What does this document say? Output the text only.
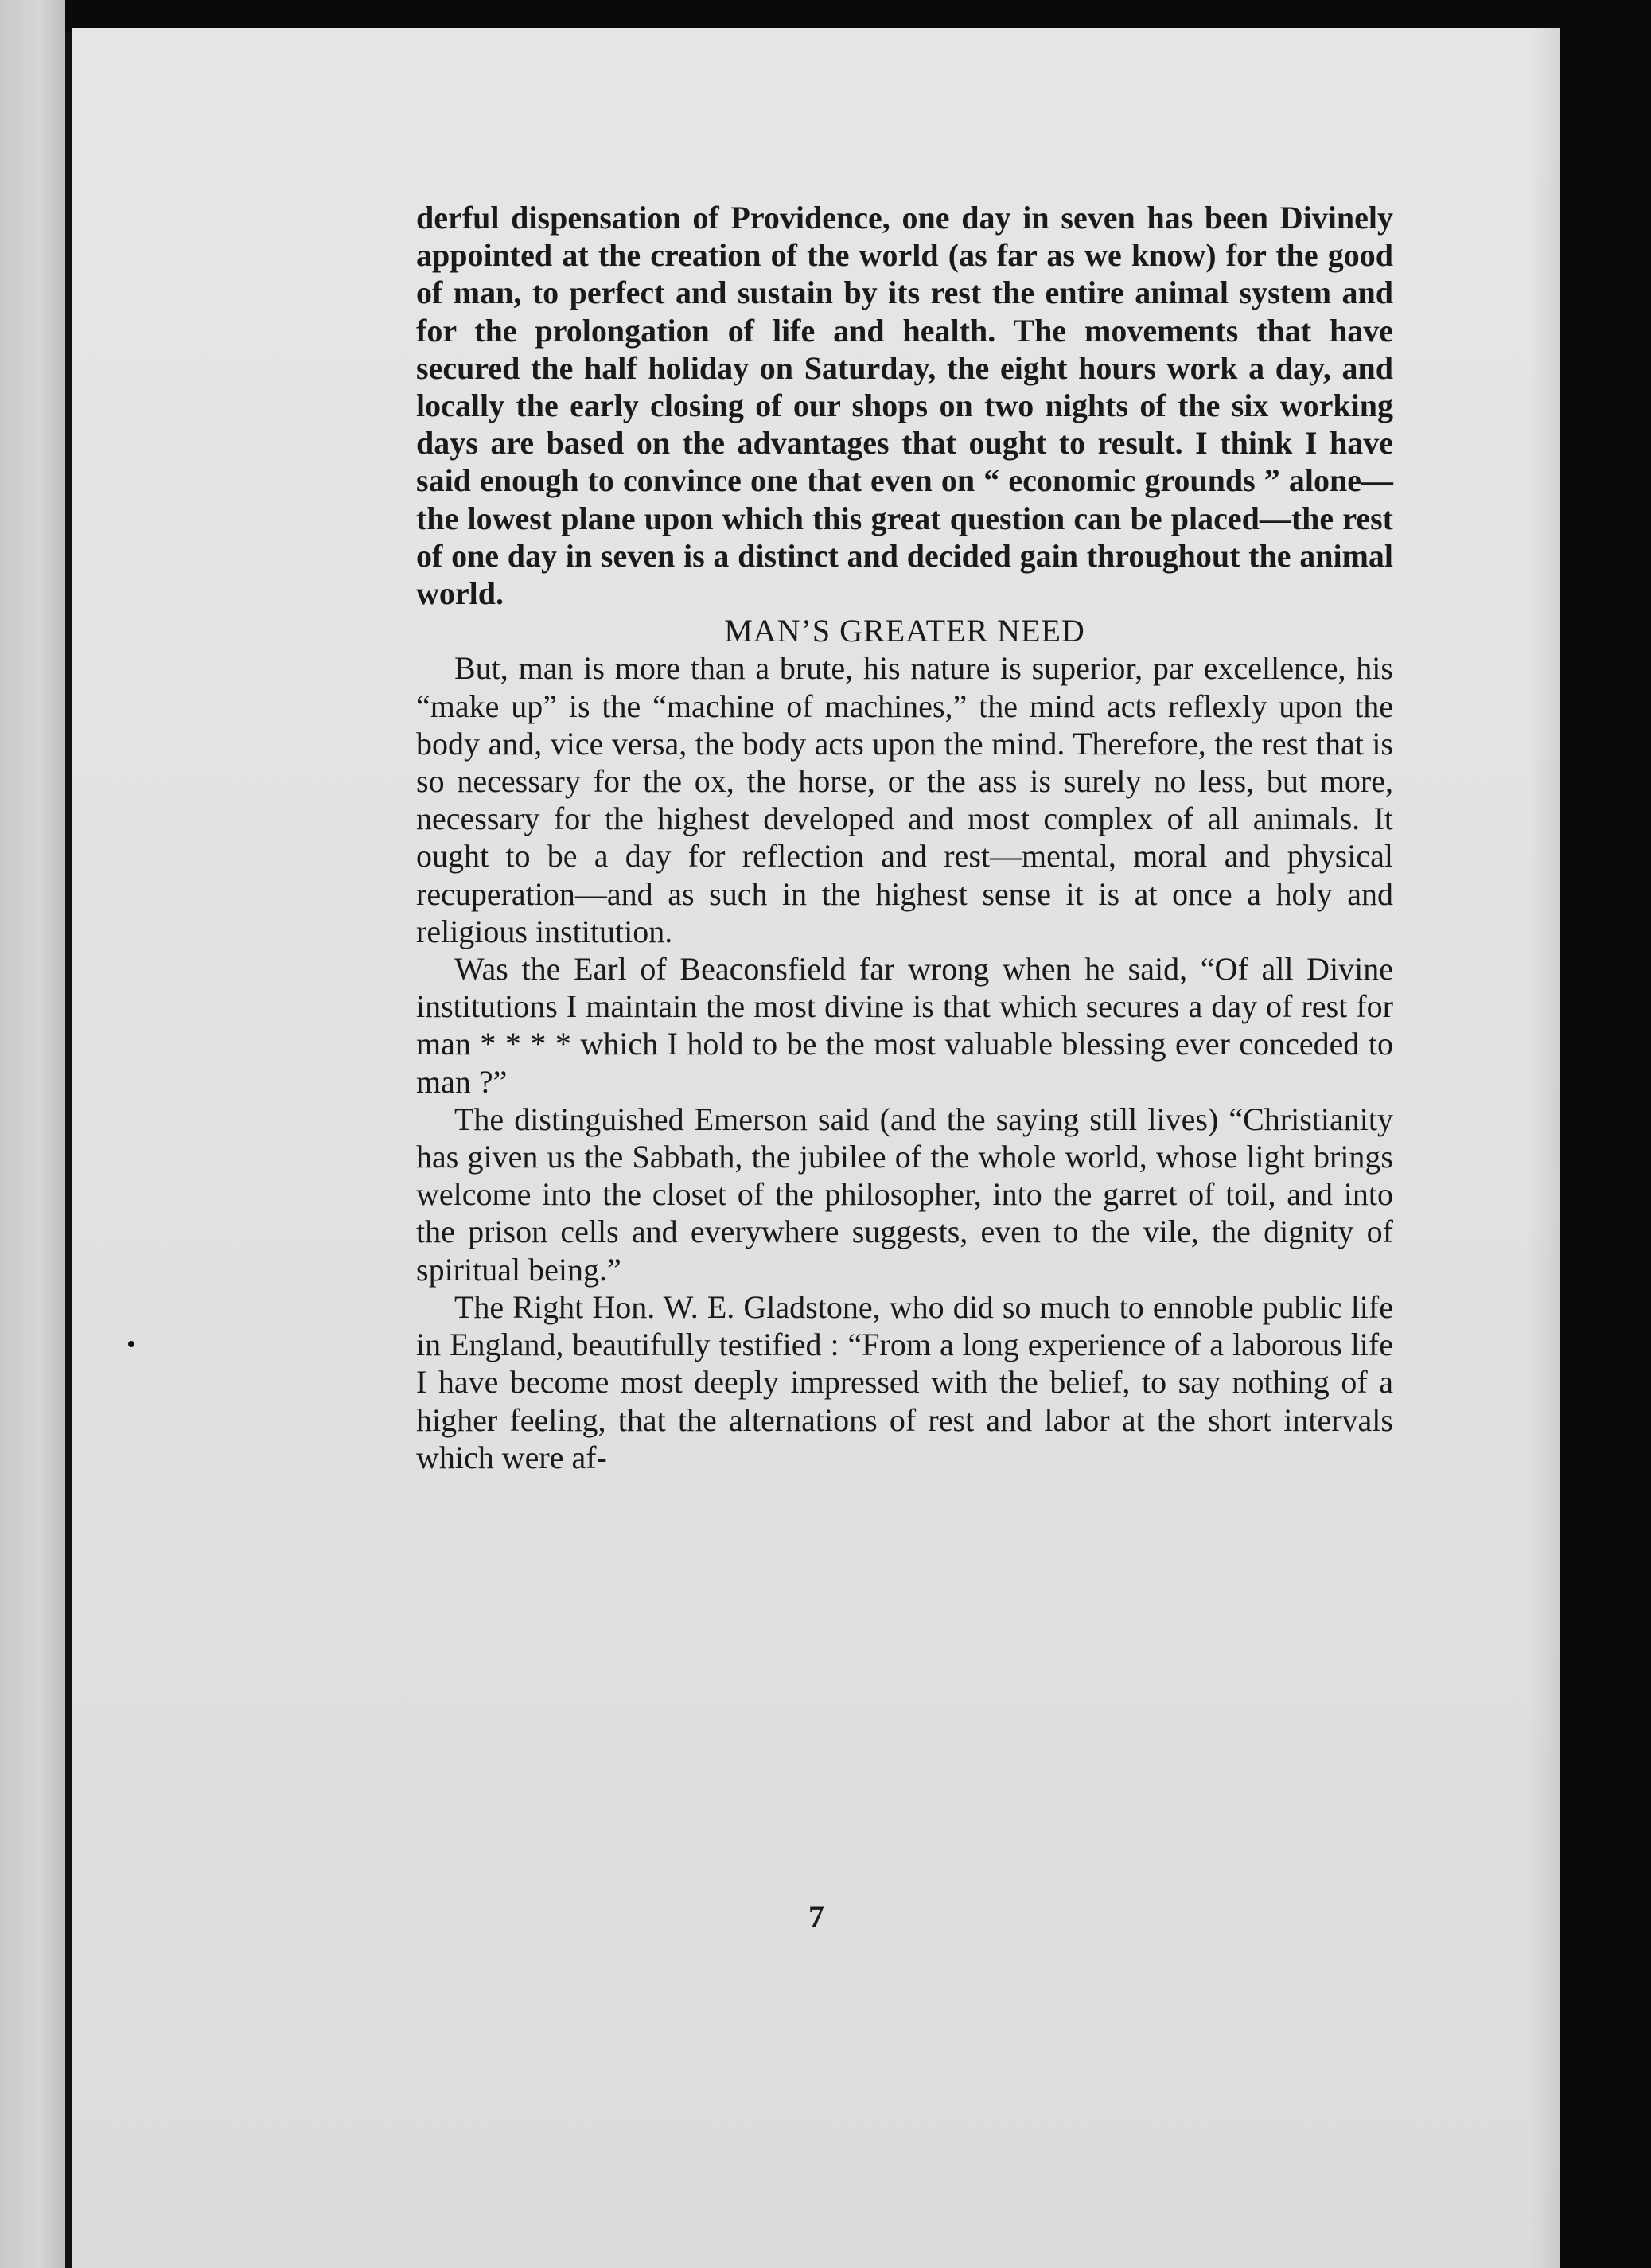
derful dispensation of Providence, one day in seven has been Divinely appointed at the creation of the world (as far as we know) for the good of man, to perfect and sustain by its rest the entire animal system and for the prolongation of life and health. The movements that have secured the half holiday on Saturday, the eight hours work a day, and locally the early closing of our shops on two nights of the six working days are based on the advantages that ought to result. I think I have said enough to convince one that even on “ economic grounds ” alone—the lowest plane upon which this great question can be placed—the rest of one day in seven is a distinct and decided gain throughout the animal world.

MAN’S GREATER NEED

But, man is more than a brute, his nature is superior, par excellence, his “make up” is the “machine of machines,” the mind acts reflexly upon the body and, vice versa, the body acts upon the mind. Therefore, the rest that is so necessary for the ox, the horse, or the ass is surely no less, but more, necessary for the highest developed and most complex of all animals. It ought to be a day for reflection and rest—mental, moral and physical recuperation—and as such in the highest sense it is at once a holy and religious institution.

Was the Earl of Beaconsfield far wrong when he said, “Of all Divine institutions I maintain the most divine is that which secures a day of rest for man * * * * which I hold to be the most valuable blessing ever conceded to man ?”

The distinguished Emerson said (and the saying still lives) “Christianity has given us the Sabbath, the jubilee of the whole world, whose light brings welcome into the closet of the philosopher, into the garret of toil, and into the prison cells and everywhere suggests, even to the vile, the dignity of spiritual being.”

The Right Hon. W. E. Gladstone, who did so much to ennoble public life in England, beautifully testified : “From a long experience of a laborous life I have become most deeply impressed with the belief, to say nothing of a higher feeling, that the alternations of rest and labor at the short intervals which were af-

7
